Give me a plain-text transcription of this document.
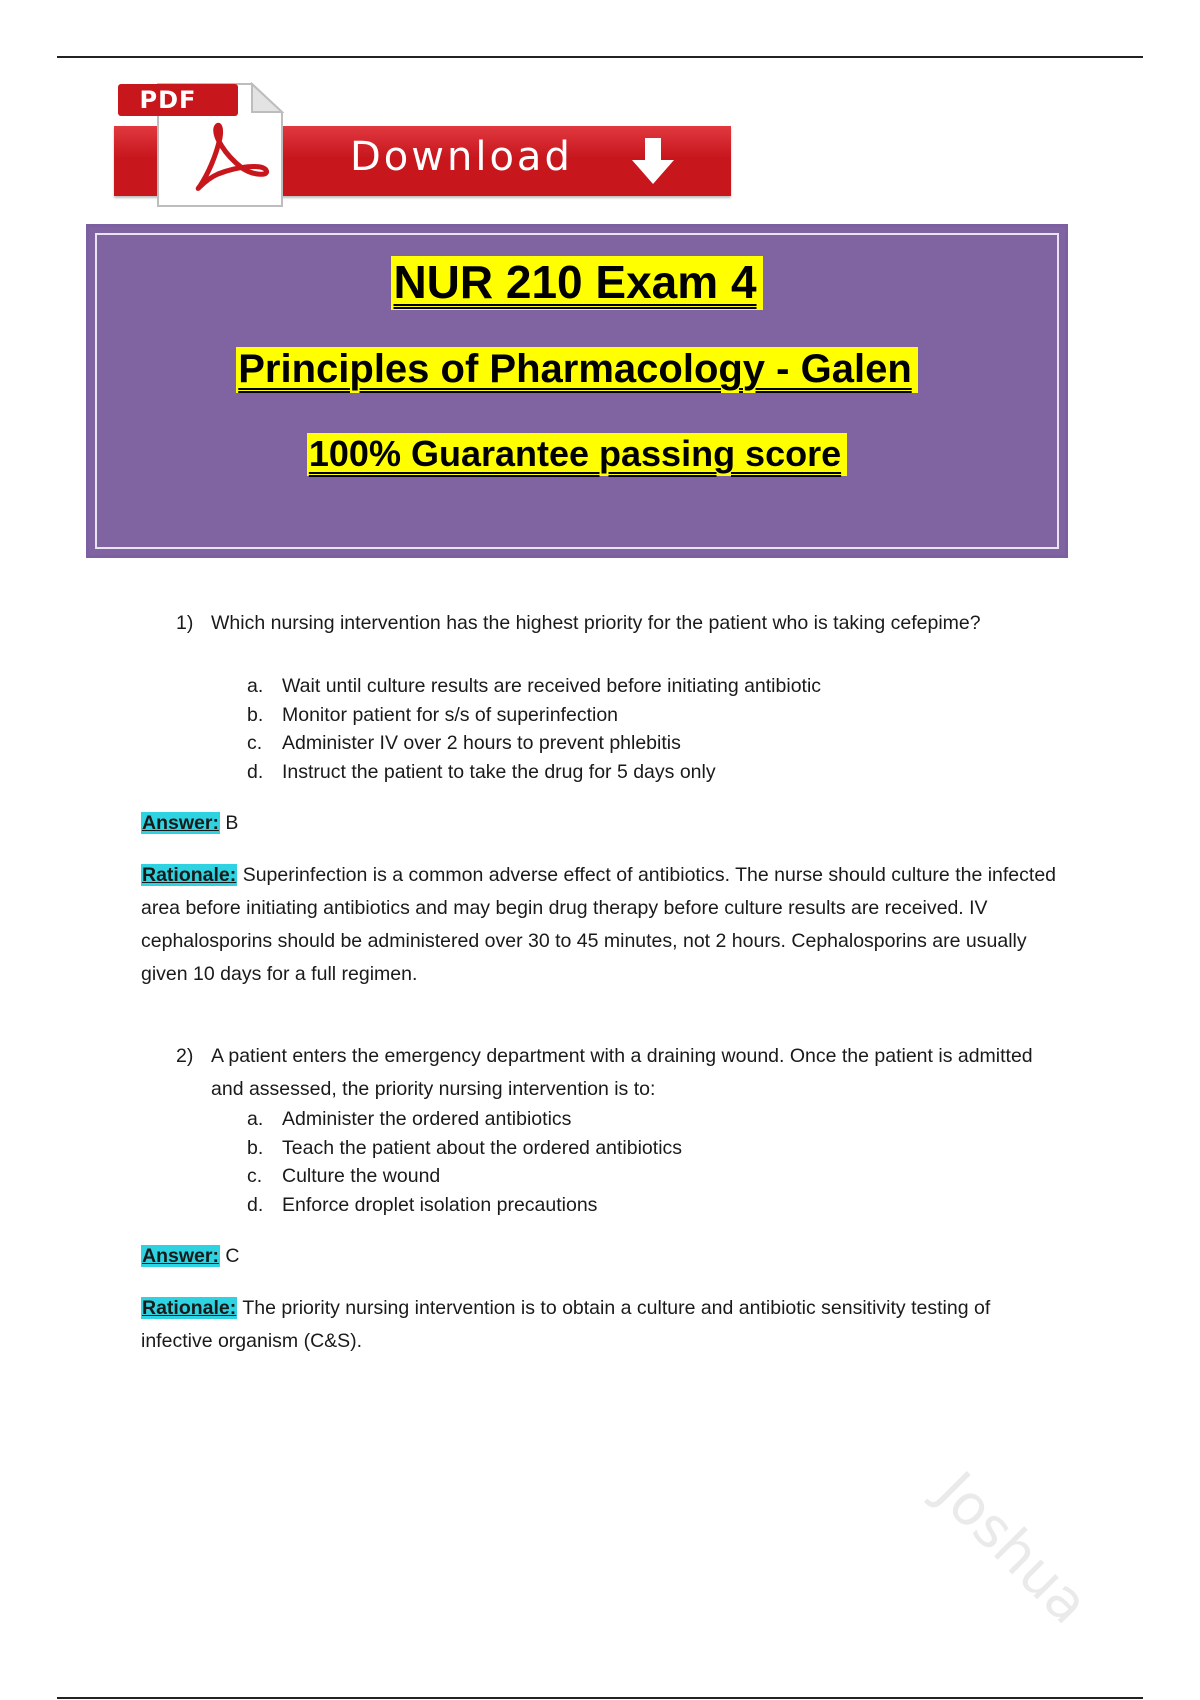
Download
PDF
NUR 210 Exam 4
Principles of Pharmacology - Galen
100% Guarantee passing score
1) Which nursing intervention has the highest priority for the patient who is taking cefepime?
a. Wait until culture results are received before initiating antibiotic
b. Monitor patient for s/s of superinfection
c. Administer IV over 2 hours to prevent phlebitis
d. Instruct the patient to take the drug for 5 days only
Answer: B
Rationale: Superinfection is a common adverse effect of antibiotics. The nurse should culture the infected area before initiating antibiotics and may begin drug therapy before culture results are received. IV cephalosporins should be administered over 30 to 45 minutes, not 2 hours. Cephalosporins are usually given 10 days for a full regimen.
2) A patient enters the emergency department with a draining wound. Once the patient is admitted and assessed, the priority nursing intervention is to:
a. Administer the ordered antibiotics
b. Teach the patient about the ordered antibiotics
c. Culture the wound
d. Enforce droplet isolation precautions
Answer: C
Rationale: The priority nursing intervention is to obtain a culture and antibiotic sensitivity testing of infective organism (C&S).
Joshua
